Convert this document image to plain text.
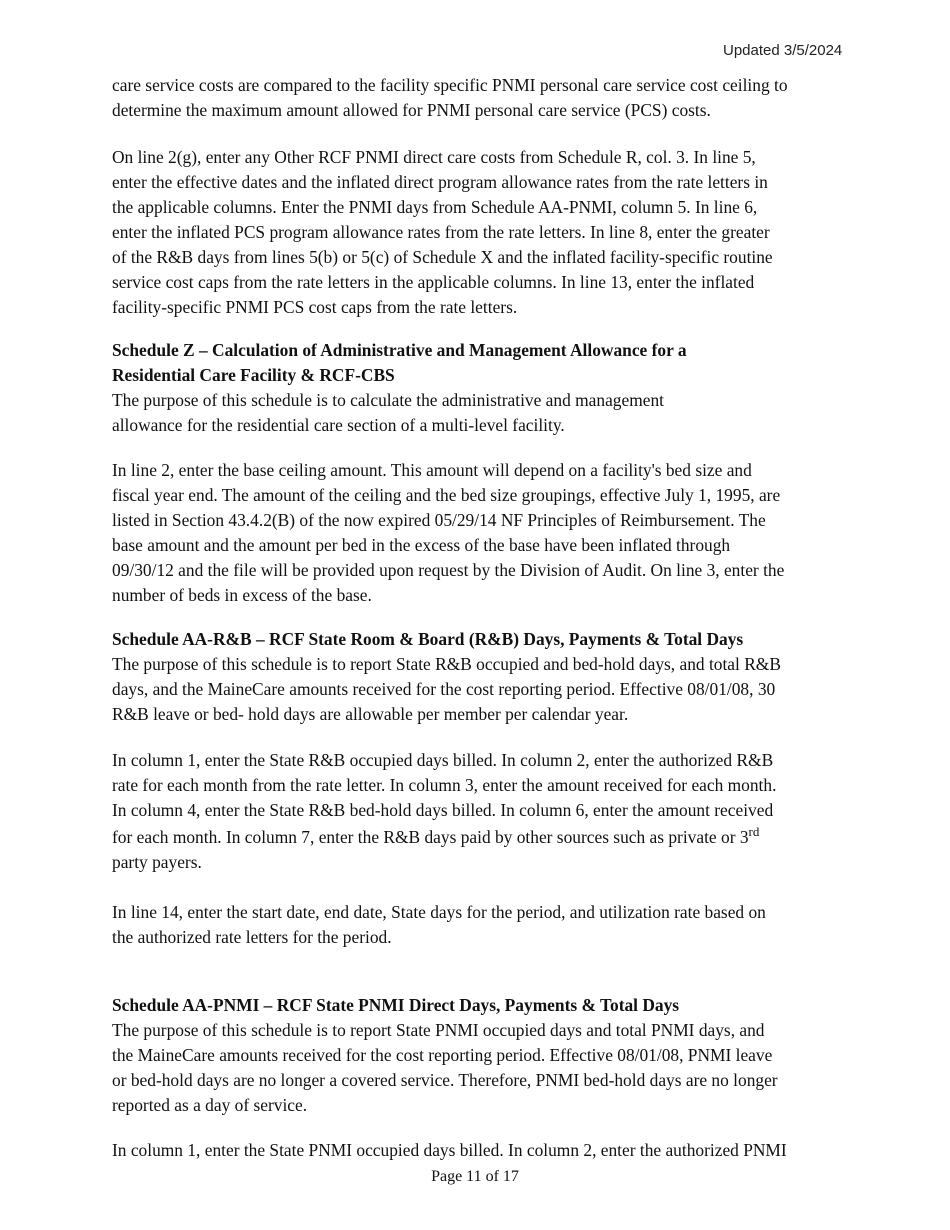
Updated 3/5/2024
care service costs are compared to the facility specific PNMI personal care service cost ceiling to
determine the maximum amount allowed for PNMI personal care service (PCS) costs.
On line 2(g), enter any Other RCF PNMI direct care costs from Schedule R, col. 3. In line 5,
enter the effective dates and the inflated direct program allowance rates from the rate letters in
the applicable columns. Enter the PNMI days from Schedule AA-PNMI, column 5. In line 6,
enter the inflated PCS program allowance rates from the rate letters. In line 8, enter the greater
of the R&B days from lines 5(b) or 5(c) of Schedule X and the inflated facility-specific routine
service cost caps from the rate letters in the applicable columns. In line 13, enter the inflated
facility-specific PNMI PCS cost caps from the rate letters.
Schedule Z – Calculation of Administrative and Management Allowance for a
Residential Care Facility & RCF-CBS
The purpose of this schedule is to calculate the administrative and management
allowance for the residential care section of a multi-level facility.
In line 2, enter the base ceiling amount. This amount will depend on a facility's bed size and
fiscal year end. The amount of the ceiling and the bed size groupings, effective July 1, 1995, are
listed in Section 43.4.2(B) of the now expired 05/29/14 NF Principles of Reimbursement. The
base amount and the amount per bed in the excess of the base have been inflated through
09/30/12 and the file will be provided upon request by the Division of Audit. On line 3, enter the
number of beds in excess of the base.
Schedule AA-R&B – RCF State Room & Board (R&B) Days, Payments & Total Days
The purpose of this schedule is to report State R&B occupied and bed-hold days, and total R&B
days, and the MaineCare amounts received for the cost reporting period. Effective 08/01/08, 30
R&B leave or bed- hold days are allowable per member per calendar year.
In column 1, enter the State R&B occupied days billed. In column 2, enter the authorized R&B
rate for each month from the rate letter. In column 3, enter the amount received for each month.
In column 4, enter the State R&B bed-hold days billed. In column 6, enter the amount received
for each month. In column 7, enter the R&B days paid by other sources such as private or 3rd
party payers.
In line 14, enter the start date, end date, State days for the period, and utilization rate based on
the authorized rate letters for the period.
Schedule AA-PNMI – RCF State PNMI Direct Days, Payments & Total Days
The purpose of this schedule is to report State PNMI occupied days and total PNMI days, and
the MaineCare amounts received for the cost reporting period. Effective 08/01/08, PNMI leave
or bed-hold days are no longer a covered service. Therefore, PNMI bed-hold days are no longer
reported as a day of service.
In column 1, enter the State PNMI occupied days billed. In column 2, enter the authorized PNMI
Page 11 of 17
